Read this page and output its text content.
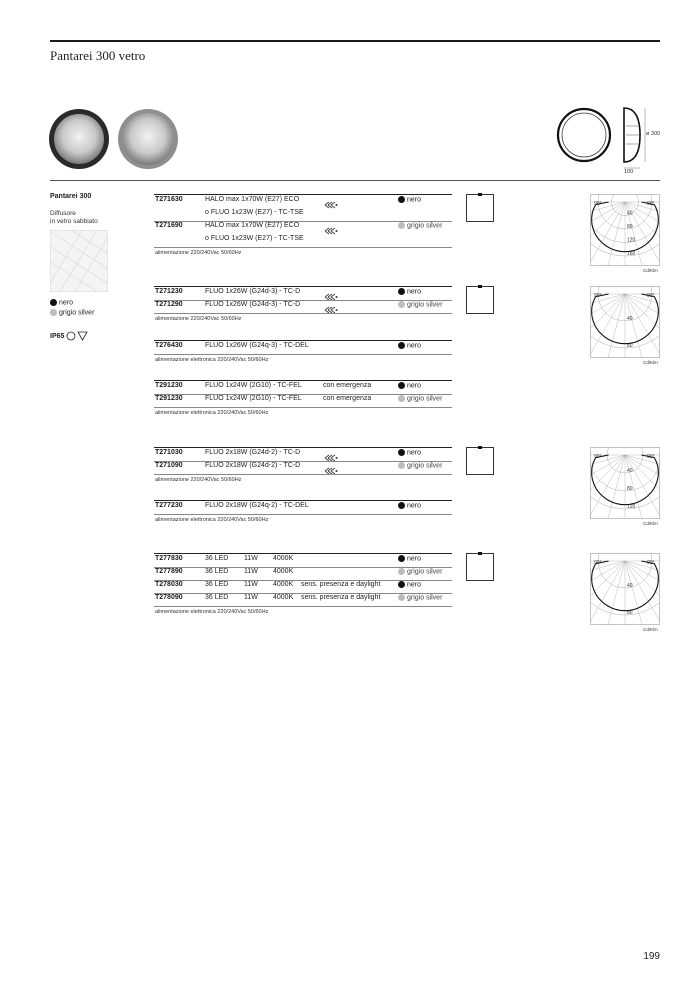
Pantarei 300 vetro
ø 300
100
Pantarei 300
Diffusore
in vetro sabbiato
nero
grigio silver
IP65
T271630	HALO max 1x70W (E27) ECO	nero
o FLUO 1x23W (E27) - TC-TSE
T271690	HALO max 1x70W (E27) ECO	grigio silver
o FLUO 1x23W (E27) - TC-TSE
alimentazione 220/240Vac 50/60Hz
T271230	FLUO 1x26W (G24d-3) - TC-D	nero
T271290	FLUO 1x26W (G24d-3) - TC-D	grigio silver
alimentazione 220/240Vac 50/60Hz
T276430	FLUO 1x26W (G24q-3) - TC-DEL	nero
alimentazione elettronica 220/240Vac 50/60Hz
T291230	FLUO 1x24W (2G10) - TC-FEL	con emergenza	nero
T291230	FLUO 1x24W (2G10) - TC-FEL	con emergenza	grigio silver
alimentazione elettronica 220/240Vac 50/60Hz
T271030	FLUO 2x18W (G24d-2) - TC-D	nero
T271090	FLUO 2x18W (G24d-2) - TC-D	grigio silver
alimentazione 220/240Vac 50/60Hz
T277230	FLUO 2x18W (G24q-2) - TC-DEL	nero
alimentazione elettronica 220/240Vac 50/60Hz
T277830	36 LED 11W 4000K	nero
T277890	36 LED 11W 4000K	grigio silver
T278030	36 LED 11W 4000K sens. presenza e daylight	nero
T278090	36 LED 11W 4000K sens. presenza e daylight	grigio silver
alimentazione elettronica 220/240Vac 50/60Hz
40
80
120
160
90°	90°
Cd/Klm
40
80
90°	90°
Cd/Klm
40
80
120
90°	90°
Cd/Klm
40
80
90°	90°
Cd/Klm
199
